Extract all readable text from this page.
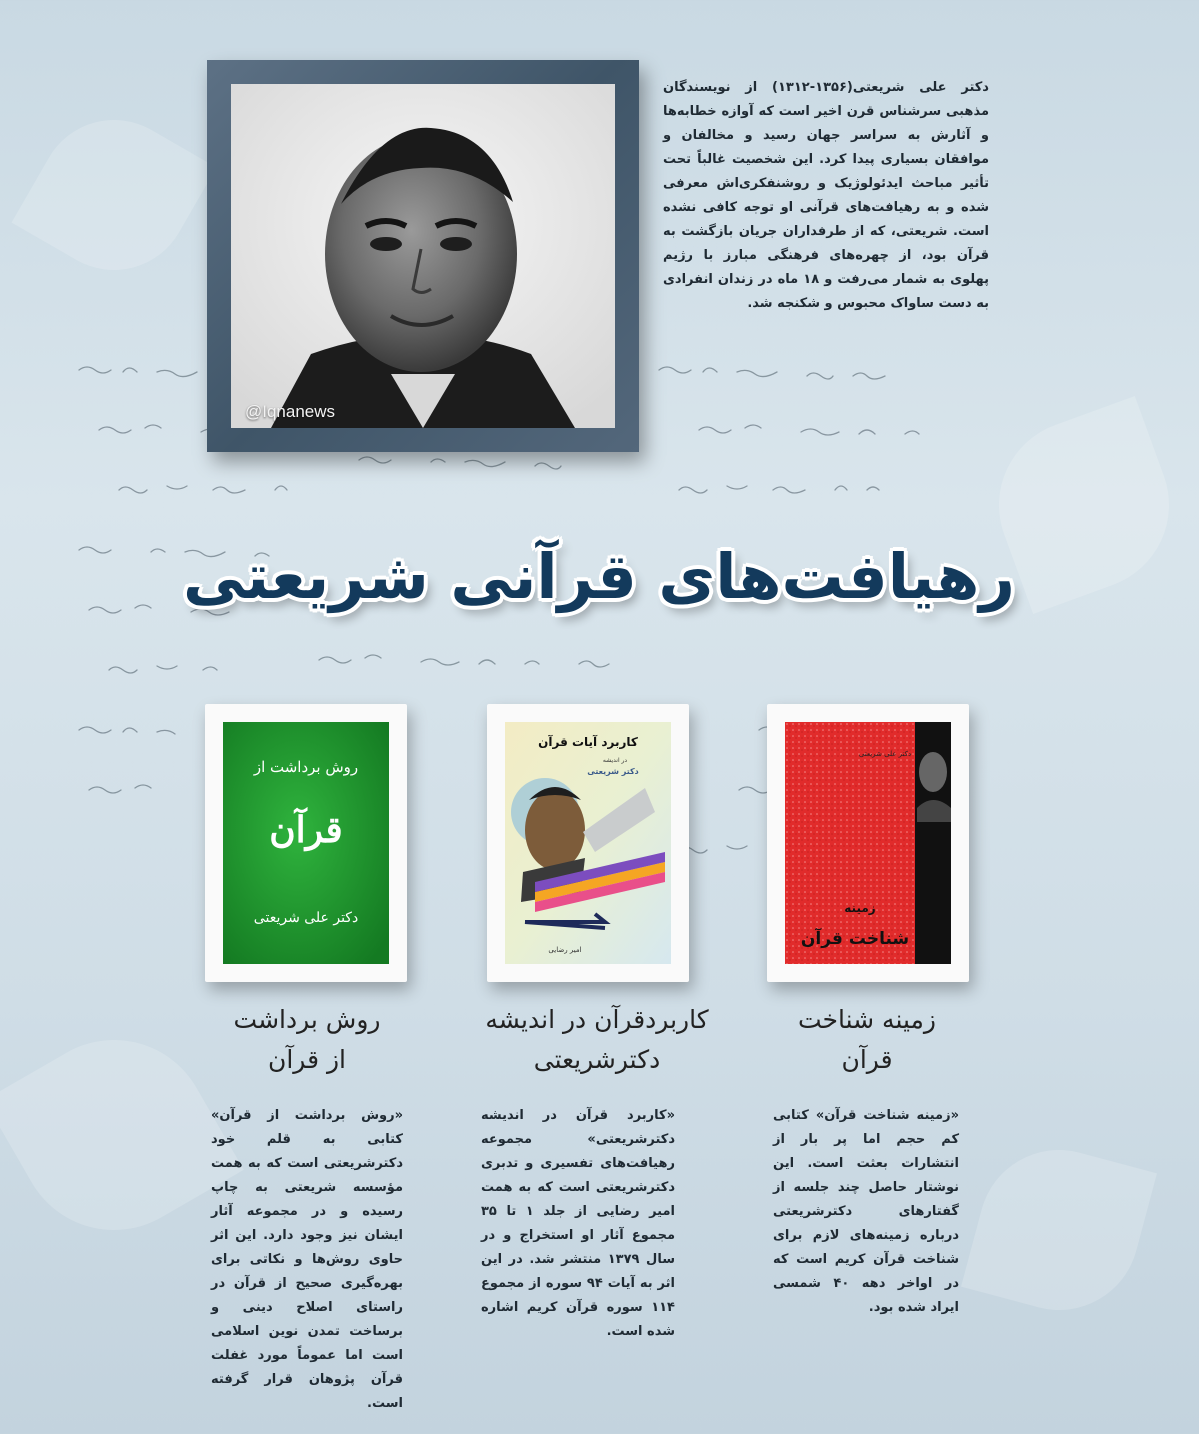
@Iqnanews

دکتر علی شریعتی(۱۳۵۶-۱۳۱۲) از نویسندگان مذهبی سرشناس قرن اخیر است که آوازه خطابه‌ها و آثارش به سراسر جهان رسید و مخالفان و موافقان بسیاری پیدا کرد. این شخصیت غالباً تحت تأثیر مباحث ایدئولوژیک و روشنفکری‌اش معرفی شده و به رهیافت‌های قرآنی او توجه کافی نشده است. شریعتی، که از طرفداران جریان بازگشت به قرآن بود، از چهره‌های فرهنگی مبارز با رژیم پهلوی به شمار می‌رفت و ۱۸ ماه در زندان انفرادی به دست ساواک محبوس و شکنجه شد.

رهیافت‌های قرآنی شریعتی
دکتر علی شریعتی
زمینه
شناخت قرآن
کاربرد آیات قرآن
در اندیشه
دکتر شریعتی
امیر رضایی
روش برداشت از
قرآن
دکتر علی شریعتی
زمینه شناخت
قرآن
کاربردقرآن در اندیشه
دکترشریعتی
روش برداشت
از قرآن

«زمینه شناخت قرآن» کتابی کم حجم اما پر بار از انتشارات بعثت است. این نوشتار حاصل چند جلسه از گفتارهای دکترشریعتی درباره زمینه‌های لازم برای شناخت قرآن کریم است که در اواخر دهه ۴۰ شمسی ایراد شده بود.

«کاربرد قرآن در اندیشه دکترشریعتی» مجموعه رهیافت‌های تفسیری و تدبری دکترشریعتی است که به همت امیر رضایی از جلد ۱ تا ۳۵ مجموع آثار او استخراج و در سال ۱۳۷۹ منتشر شد. در این اثر به آیات ۹۴ سوره از مجموع ۱۱۴ سوره قرآن کریم اشاره شده است.

«روش برداشت از قرآن» کتابی به قلم خود دکترشریعتی است که به همت مؤسسه شریعتی به چاپ رسیده و در مجموعه آثار ایشان نیز وجود دارد. این اثر حاوی روش‌ها و نکاتی برای بهره‌گیری صحیح از قرآن در راستای اصلاح دینی و برساخت تمدن نوین اسلامی است اما عموماً مورد غفلت قرآن پژوهان قرار گرفته است.
